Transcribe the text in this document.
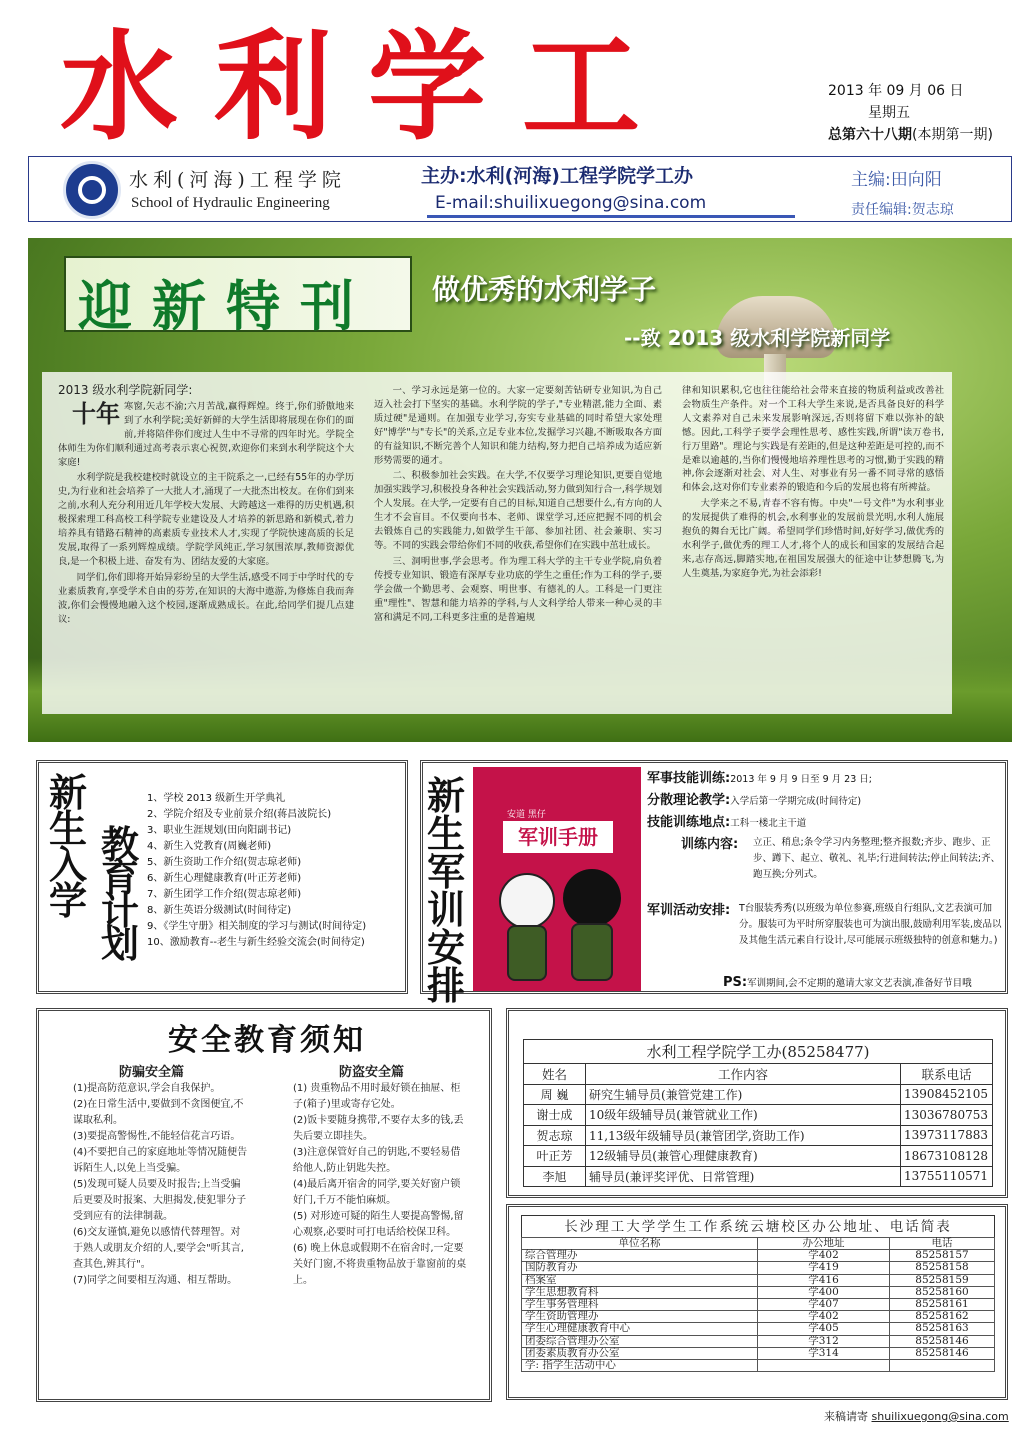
水利学工	2013 年 09 月 06 日
星期五
总第六十八期(本期第一期)
水利(河海)工程学院
School of Hydraulic Engineering
主办:水利(河海)工程学院学工办
E-mail:shuilixuegong@sina.com
主编:田向阳
责任编辑:贺志琼
迎新特刊 做优秀的水利学子
--致 2013 级水利学院新同学

2013 级水利学院新同学:

十年 寒窗,矢志不渝;六月苦战,赢得辉煌。终于,你们骄傲地来到了水利学院;美好新鲜的大学生活即将展现在你们的面前,并将陪伴你们度过人生中不寻常的四年时光。学院全体师生为你们顺利通过高考表示衷心祝贺,欢迎你们来到水利学院这个大家庭!

水利学院是我校建校时就设立的主干院系之一,已经有55年的办学历史,为行业和社会培养了一大批人才,涌现了一大批杰出校友。在你们到来之前,水利人充分利用近几年学校大发展、大跨越这一难得的历史机遇,积极探索理工科高校工科学院专业建设及人才培养的新思路和新模式,着力培养具有错路石精神的高素质专业技术人才,实现了学院快速高质的长足发展,取得了一系列辉煌成绩。学院学风纯正,学习氛围浓厚,教师资源优良,是一个积极上进、奋发有为、团结友爱的大家庭。

同学们,你们即将开始异彩纷呈的大学生活,感受不同于中学时代的专业素质教育,享受学术自由的芬芳,在知识的大海中遨游,为修炼自我而奔波,你们会慢慢地融入这个校园,逐渐成熟成长。在此,给同学们提几点建议:

一、学习永远是第一位的。大家一定要刻苦钻研专业知识,为自己迈入社会打下坚实的基础。水利学院的学子,"专业精湛,能力全面、素质过硬"是通则。在加强专业学习,夯实专业基础的同时希望大家处理好"博学"与"专长"的关系,立足专业本位,发掘学习兴趣,不断吸取各方面的有益知识,不断完善个人知识和能力结构,努力把自己培养成为适应新形势需要的通才。

二、积极参加社会实践。在大学,不仅要学习理论知识,更要自觉地加强实践学习,积极投身各种社会实践活动,努力做到知行合一,科学规划个人发展。在大学,一定要有自己的目标,知道自己想要什么,有方向的人生才不会盲目。不仅要向书本、老师、课堂学习,还应把握不同的机会去锻炼自己的实践能力,如做学生干部、参加社团、社会兼职、实习等。不同的实践会带给你们不同的收获,希望你们在实践中茁壮成长。

三、洞明世事,学会思考。作为理工科大学的主干专业学院,肩负着传授专业知识、锻造有深厚专业功底的学生之重任;作为工科的学子,要学会做一个勤思考、会观察、明世事、有德礼的人。工科是一门更注重"理性"、智慧和能力培养的学科,与人文科学给人带来一种心灵的丰富和满足不同,工科更多注重的是普遍规

律和知识累积,它也往往能给社会带来直接的物质利益或改善社会物质生产条件。对一个工科大学生来说,是否具备良好的科学人文素养对自己未来发展影响深远,否则将留下难以弥补的缺憾。因此,工科学子要学会理性思考、感性实践,所谓"读万卷书,行万里路"。理论与实践是有差距的,但是这种差距是可控的,而不是难以逾越的,当你们慢慢地培养理性思考的习惯,勤于实践的精神,你会逐渐对社会、对人生、对事业有另一番不同寻常的感悟和体会,这对你们专业素养的锻造和今后的发展也将有所裨益。

大学来之不易,青春不容有悔。中央"一号文件"为水利事业的发展提供了难得的机会,水利事业的发展前景光明,水利人施展抱负的舞台无比广阔。希望同学们珍惜时间,好好学习,做优秀的水利学子,做优秀的理工人才,将个人的成长和国家的发展结合起来,志存高远,脚踏实地,在祖国发展强大的征途中让梦想腾飞,为人生奠基,为家庭争光,为社会添彩!

新生入学
教育计划
1、学校 2013 级新生开学典礼
2、学院介绍及专业前景介绍(蒋昌波院长)
3、职业生涯规划(田向阳副书记)
4、新生入党教育(周巍老师)
5、新生资助工作介绍(贺志琼老师)
6、新生心理健康教育(叶正芳老师)
7、新生团学工作介绍(贺志琼老师)
8、新生英语分级测试(时间待定)
9、《学生守册》相关制度的学习与测试(时间待定)
10、激励教育--老生与新生经验交流会(时间待定)
新生军训安排
安道 黑仔
军训手册
军事技能训练:2013 年 9 月 9 日至 9 月 23 日;
分散理论教学:入学后第一学期完成(时间待定)
技能训练地点:工科一楼北主干道
训练内容: 立正、稍息;条令学习内务整理;整齐报数;齐步、跑步、正步、蹲下、起立、敬礼、礼毕;行进间转法;停止间转法;齐、跑互换;分列式。
军训活动安排: T台服装秀秀(以班级为单位参赛,班级自行组队,文艺表演可加分。服装可为平时所穿服装也可为演出服,鼓励利用军装,废品以及其他生活元素自行设计,尽可能展示班级独特的创意和魅力。)
PS:军训期间,会不定期的邀请大家文艺表演,准备好节目哦
安全教育须知
防骗安全篇	防盗安全篇
(1)提高防范意识,学会自我保护。
(2)在日常生活中,要做到不贪图便宜,不谋取私利。
(3)要提高警惕性,不能轻信花言巧语。
(4)不要把自己的家庭地址等情况随便告诉陌生人,以免上当受骗。
(5)发现可疑人员要及时报告;上当受骗后更要及时报案、大胆揭发,使犯罪分子受到应有的法律制裁。
(6)交友谨慎,避免以感情代替理智。对于熟人或朋友介绍的人,要学会"听其言,查其色,辨其行"。
(7)同学之间要相互沟通、相互帮助。
(1) 贵重物品不用时最好锁在抽屉、柜子(箱子)里或寄存它处。
(2)饭卡要随身携带,不要存太多的钱,丢失后要立即挂失。
(3)注意保管好自己的钥匙,不要轻易借给他人,防止钥匙失控。
(4)最后离开宿舍的同学,要关好窗户锁好门,千万不能怕麻烦。
(5) 对形迹可疑的陌生人要提高警惕,留心观察,必要时可打电话给校保卫科。
(6) 晚上休息或假期不在宿舍时,一定要关好门窗,不将贵重物品放于靠窗前的桌上。
水利工程学院学工办(85258477)
姓名	工作内容	联系电话
周 巍	研究生辅导员(兼管党建工作)	13908452105
谢士成	10级年级辅导员(兼管就业工作)	13036780753
贺志琼	11,13级年级辅导员(兼管团学,资助工作)	13973117883
叶正芳	12级辅导员(兼管心理健康教育)	18673108128
李旭	辅导员(兼评奖评优、日常管理)	13755110571
长沙理工大学学生工作系统云塘校区办公地址、电话简表
单位名称	办公地址	电话
综合管理办	学402	85258157
国防教育办	学419	85258158
档案室	学416	85258159
学生思想教育科	学400	85258160
学生事务管理科	学407	85258161
学生资助管理办	学402	85258162
学生心理健康教育中心	学405	85258163
团委综合管理办公室	学312	85258146
团委素质教育办公室	学314	85258146
学: 指学生活动中心		
来稿请寄 shuilixuegong@sina.com
